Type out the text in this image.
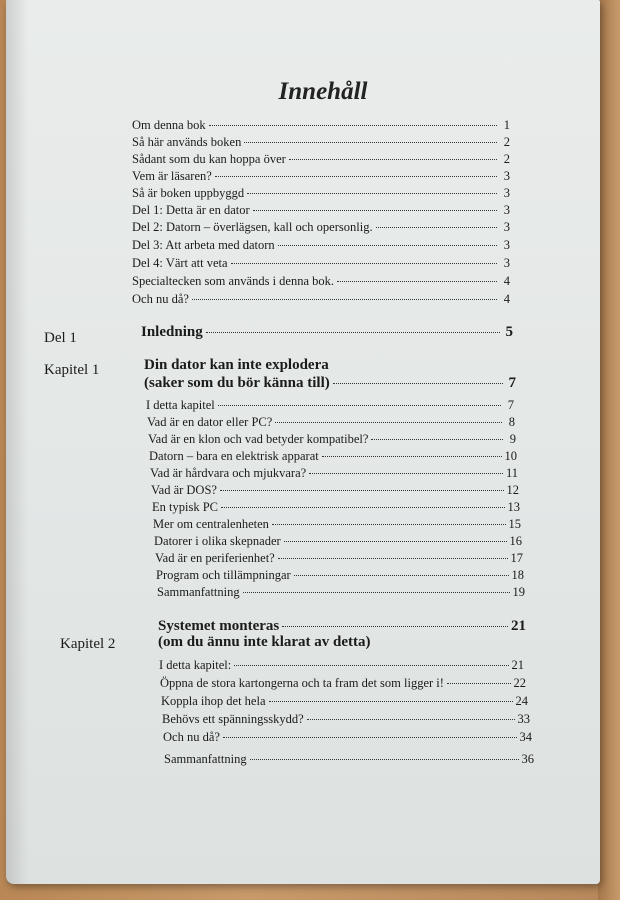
Innehåll
Om denna bok	1
Så här används boken	2
Sådant som du kan hoppa över	2
Vem är läsaren?	3
Så är boken uppbyggd	3
Del 1: Detta är en dator	3
Del 2: Datorn – överlägsen, kall och opersonlig.	3
Del 3: Att arbeta med datorn	3
Del 4: Värt att veta	3
Specialtecken som används i denna bok.	4
Och nu då?	4
Del 1	Inledning	5
Kapitel 1	Din dator kan inte explodera
(saker som du bör känna till)	7
I detta kapitel	7
Vad är en dator eller PC?	8
Vad är en klon och vad betyder kompatibel?	9
Datorn – bara en elektrisk apparat	10
Vad är hårdvara och mjukvara?	11
Vad är DOS?	12
En typisk PC	13
Mer om centralenheten	15
Datorer i olika skepnader	16
Vad är en periferienhet?	17
Program och tillämpningar	18
Sammanfattning	19
Kapitel 2
Systemet monteras	21
(om du ännu inte klarat av detta)
I detta kapitel:	21
Öppna de stora kartongerna och ta fram det som ligger i!	22
Koppla ihop det hela	24
Behövs ett spänningsskydd?	33
Och nu då?	34
Sammanfattning	36
